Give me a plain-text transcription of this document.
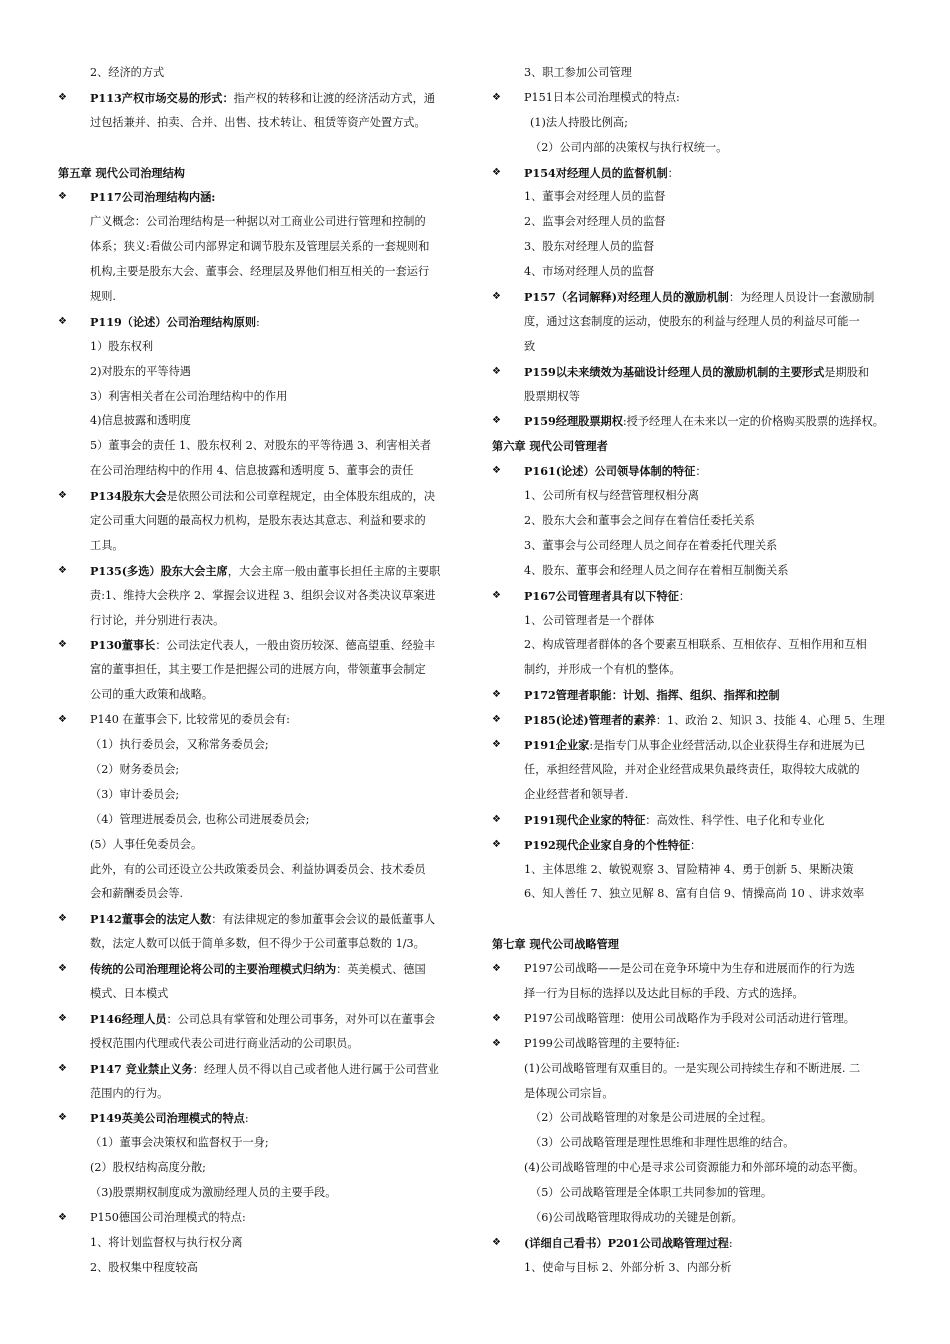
2、经济的方式
❖ P113产权市场交易的形式：指产权的转移和让渡的经济活动方式，通
过包括兼并、拍卖、合并、出售、技术转让、租赁等资产处置方式。
第五章 现代公司治理结构
❖ P117公司治理结构内涵:
广义概念：公司治理结构是一种据以对工商业公司进行管理和控制的
体系；狭义:看做公司内部界定和调节股东及管理层关系的一套规则和
机构,主要是股东大会、董事会、经理层及界他们相互相关的一套运行
规则.
❖ P119（论述）公司治理结构原则:
1）股东权利
2)对股东的平等待遇
3）利害相关者在公司治理结构中的作用
4)信息披露和透明度
5）董事会的责任 1、股东权利 2、对股东的平等待遇 3、利害相关者
在公司治理结构中的作用 4、信息披露和透明度 5、董事会的责任
❖ P134股东大会是依照公司法和公司章程规定，由全体股东组成的，决
定公司重大问题的最高权力机构，是股东表达其意志、利益和要求的
工具。
❖ P135(多选）股东大会主席，大会主席一般由董事长担任主席的主要职
责:1、维持大会秩序 2、掌握会议进程 3、组织会议对各类决议草案进
行讨论，并分别进行表决。
❖ P130董事长：公司法定代表人，一般由资历较深、德高望重、经验丰
富的董事担任，其主要工作是把握公司的进展方向，带领董事会制定
公司的重大政策和战略。
❖ P140 在董事会下, 比较常见的委员会有:
（1）执行委员会，又称常务委员会;
（2）财务委员会;
（3）审计委员会;
（4）管理进展委员会, 也称公司进展委员会;
(5）人事任免委员会。
此外，有的公司还设立公共政策委员会、利益协调委员会、技术委员
会和薪酬委员会等.
❖ P142董事会的法定人数：有法律规定的参加董事会会议的最低董事人
数，法定人数可以低于简单多数，但不得少于公司董事总数的 1/3。
❖ 传统的公司治理理论将公司的主要治理模式归纳为：英美模式、德国
模式、日本模式
❖ P146经理人员：公司总具有掌管和处理公司事务，对外可以在董事会
授权范围内代理或代表公司进行商业活动的公司职员。
❖ P147 竞业禁止义务：经理人员不得以自己或者他人进行属于公司营业
范围内的行为。
❖ P149英美公司治理模式的特点:
（1）董事会决策权和监督权于一身;
(2）股权结构高度分散;
（3)股票期权制度成为激励经理人员的主要手段。
❖ P150德国公司治理模式的特点:
1、将计划监督权与执行权分离
2、股权集中程度较高
3、职工参加公司管理
❖ P151日本公司治理模式的特点:
(1)法人持股比例高;
（2）公司内部的决策权与执行权统一。
❖ P154对经理人员的监督机制：
1、董事会对经理人员的监督
2、监事会对经理人员的监督
3、股东对经理人员的监督
4、市场对经理人员的监督
❖ P157（名词解释)对经理人员的激励机制：为经理人员设计一套激励制
度，通过这套制度的运动，使股东的利益与经理人员的利益尽可能一
致
❖ P159以未来绩效为基础设计经理人员的激励机制的主要形式是期股和
股票期权等
❖ P159经理股票期权:授予经理人在未来以一定的价格购买股票的选择权。
第六章 现代公司管理者
❖ P161(论述）公司领导体制的特征：
1、公司所有权与经营管理权相分离
2、股东大会和董事会之间存在着信任委托关系
3、董事会与公司经理人员之间存在着委托代理关系
4、股东、董事会和经理人员之间存在着相互制衡关系
❖ P167公司管理者具有以下特征：
1、公司管理者是一个群体
2、构成管理者群体的各个要素互相联系、互相依存、互相作用和互相
制约，并形成一个有机的整体。
❖ P172管理者职能：计划、指挥、组织、指挥和控制
❖ P185(论述)管理者的素养：1、政治 2、知识 3、技能 4、心理 5、生理
❖ P191企业家:是指专门从事企业经营活动,以企业获得生存和进展为已
任，承担经营风险，并对企业经营成果负最终责任，取得较大成就的
企业经营者和领导者.
❖ P191现代企业家的特征：高效性、科学性、电子化和专业化
❖ P192现代企业家自身的个性特征：
1、主体思维 2、敏锐观察 3、冒险精神 4、勇于创新 5、果断决策
6、知人善任 7、独立见解 8、富有自信 9、情操高尚 10 、讲求效率
第七章 现代公司战略管理
❖ P197公司战略——是公司在竞争环境中为生存和进展而作的行为选
择一行为目标的选择以及达此目标的手段、方式的选择。
❖ P197公司战略管理：使用公司战略作为手段对公司活动进行管理。
❖ P199公司战略管理的主要特征:
(1)公司战略管理有双重目的。一是实现公司持续生存和不断进展. 二
是体现公司宗旨。
（2）公司战略管理的对象是公司进展的全过程。
（3）公司战略管理是理性思维和非理性思维的结合。
(4)公司战略管理的中心是寻求公司资源能力和外部环境的动态平衡。
（5）公司战略管理是全体职工共同参加的管理。
（6)公司战略管理取得成功的关键是创新。
❖ (详细自己看书）P201公司战略管理过程:
1、使命与目标 2、外部分析 3、内部分析
